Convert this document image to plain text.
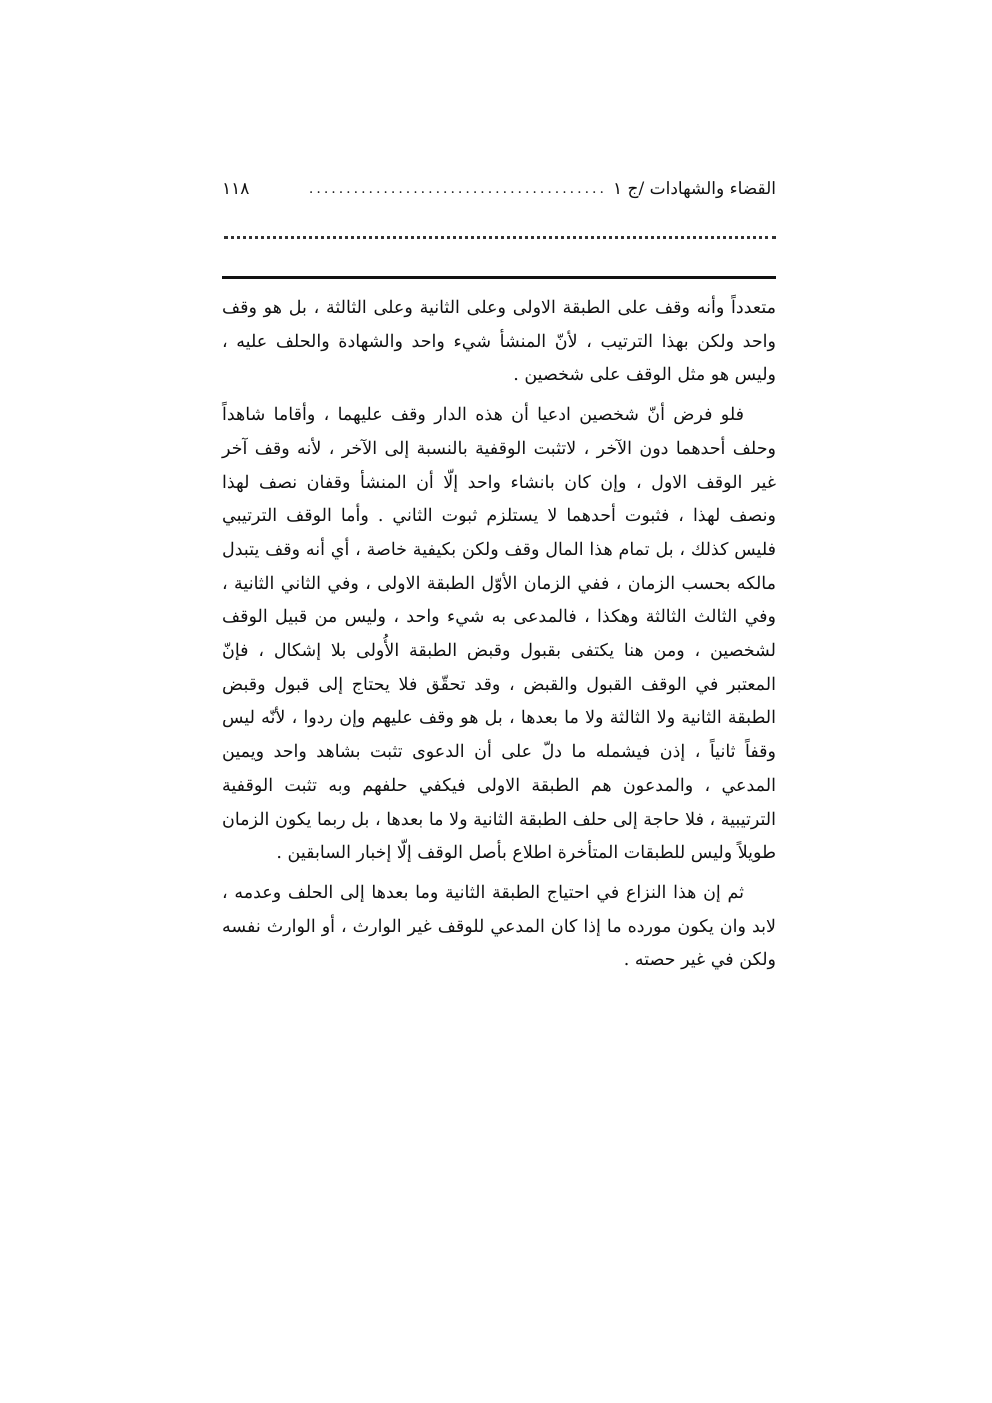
القضاء والشهادات /ج ١
........................................
١١٨

متعدداً وأنه وقف على الطبقة الاولى وعلى الثانية وعلى الثالثة ، بل هو وقف واحد ولكن بهذا الترتيب ، لأنّ المنشأ شيء واحد والشهادة والحلف عليه ، وليس هو مثل الوقف على شخصين .

فلو فرض أنّ شخصين ادعيا أن هذه الدار وقف عليهما ، وأقاما شاهداً وحلف أحدهما دون الآخر ، لاتثبت الوقفية بالنسبة إلى الآخر ، لأنه وقف آخر غير الوقف الاول ، وإن كان بانشاء واحد إلّا أن المنشأ وقفان نصف لهذا ونصف لهذا ، فثبوت أحدهما لا يستلزم ثبوت الثاني . وأما الوقف الترتيبي فليس كذلك ، بل تمام هذا المال وقف ولكن بكيفية خاصة ، أي أنه وقف يتبدل مالكه بحسب الزمان ، ففي الزمان الأوّل الطبقة الاولى ، وفي الثاني الثانية ، وفي الثالث الثالثة وهكذا ، فالمدعى به شيء واحد ، وليس من قبيل الوقف لشخصين ، ومن هنا يكتفى بقبول وقبض الطبقة الأُولى بلا إشكال ، فإنّ المعتبر في الوقف القبول والقبض ، وقد تحقّق فلا يحتاج إلى قبول وقبض الطبقة الثانية ولا الثالثة ولا ما بعدها ، بل هو وقف عليهم وإن ردوا ، لأنّه ليس وقفاً ثانياً ، إذن فيشمله ما دلّ على أن الدعوى تثبت بشاهد واحد ويمين المدعي ، والمدعون هم الطبقة الاولى فيكفي حلفهم وبه تثبت الوقفية الترتيبية ، فلا حاجة إلى حلف الطبقة الثانية ولا ما بعدها ، بل ربما يكون الزمان طويلاً وليس للطبقات المتأخرة اطلاع بأصل الوقف إلّا إخبار السابقين .

ثم إن هذا النزاع في احتياج الطبقة الثانية وما بعدها إلى الحلف وعدمه ، لابد وان يكون مورده ما إذا كان المدعي للوقف غير الوارث ، أو الوارث نفسه ولكن في غير حصته .
